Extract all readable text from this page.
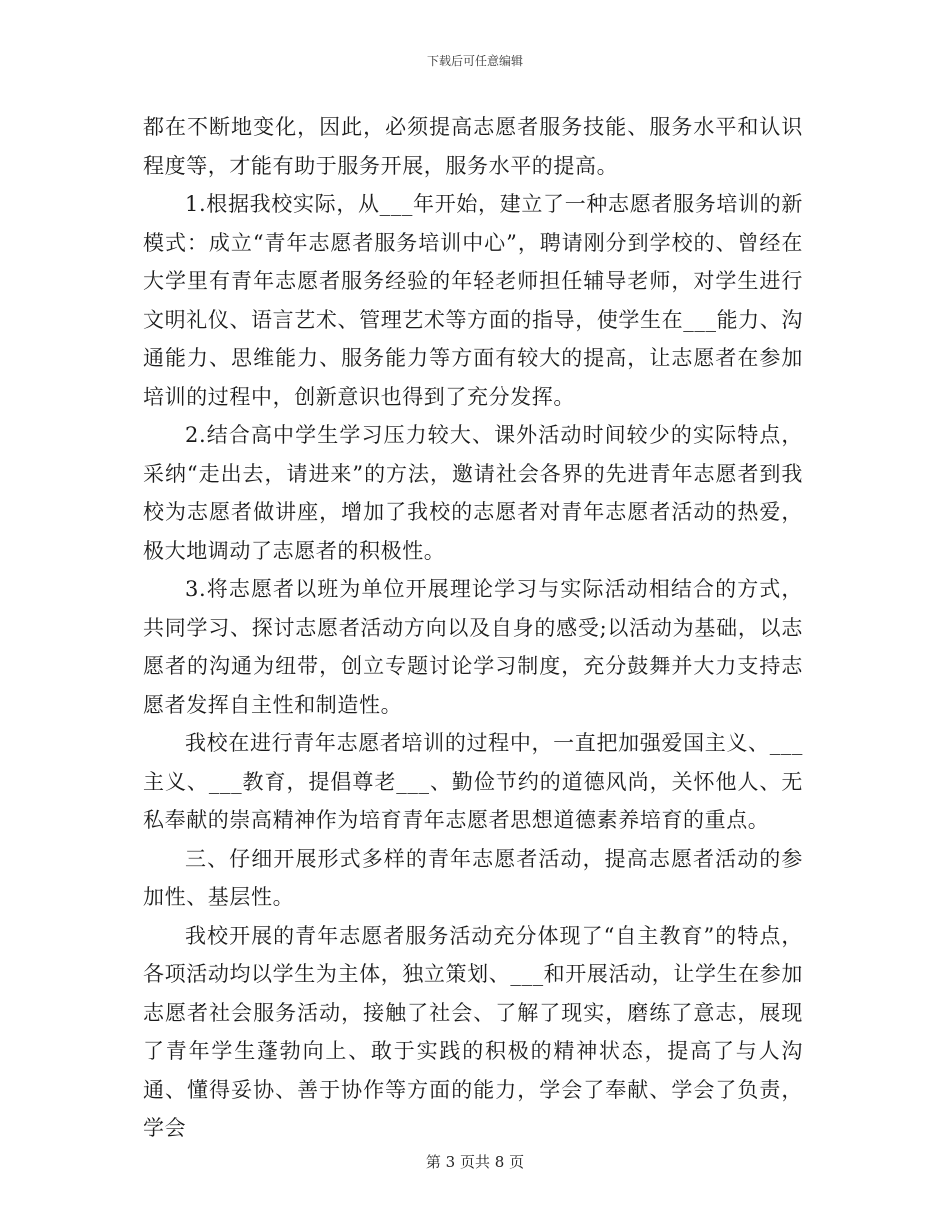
下载后可任意编辑

都在不断地变化，因此，必须提高志愿者服务技能、服务水平和认识程度等，才能有助于服务开展，服务水平的提高。

1.根据我校实际，从___年开始，建立了一种志愿者服务培训的新模式：成立“青年志愿者服务培训中心”，聘请刚分到学校的、曾经在大学里有青年志愿者服务经验的年轻老师担任辅导老师，对学生进行文明礼仪、语言艺术、管理艺术等方面的指导，使学生在___能力、沟通能力、思维能力、服务能力等方面有较大的提高，让志愿者在参加培训的过程中，创新意识也得到了充分发挥。

2.结合高中学生学习压力较大、课外活动时间较少的实际特点，采纳“走出去，请进来”的方法，邀请社会各界的先进青年志愿者到我校为志愿者做讲座，增加了我校的志愿者对青年志愿者活动的热爱，极大地调动了志愿者的积极性。

3.将志愿者以班为单位开展理论学习与实际活动相结合的方式，共同学习、探讨志愿者活动方向以及自身的感受;以活动为基础，以志愿者的沟通为纽带，创立专题讨论学习制度，充分鼓舞并大力支持志愿者发挥自主性和制造性。

我校在进行青年志愿者培训的过程中，一直把加强爱国主义、___主义、___教育，提倡尊老___、勤俭节约的道德风尚，关怀他人、无私奉献的崇高精神作为培育青年志愿者思想道德素养培育的重点。

三、仔细开展形式多样的青年志愿者活动，提高志愿者活动的参加性、基层性。

我校开展的青年志愿者服务活动充分体现了“自主教育”的特点，各项活动均以学生为主体，独立策划、___和开展活动，让学生在参加志愿者社会服务活动，接触了社会、了解了现实，磨练了意志，展现了青年学生蓬勃向上、敢于实践的积极的精神状态，提高了与人沟通、懂得妥协、善于协作等方面的能力，学会了奉献、学会了负责，学会

第 3 页共 8 页
